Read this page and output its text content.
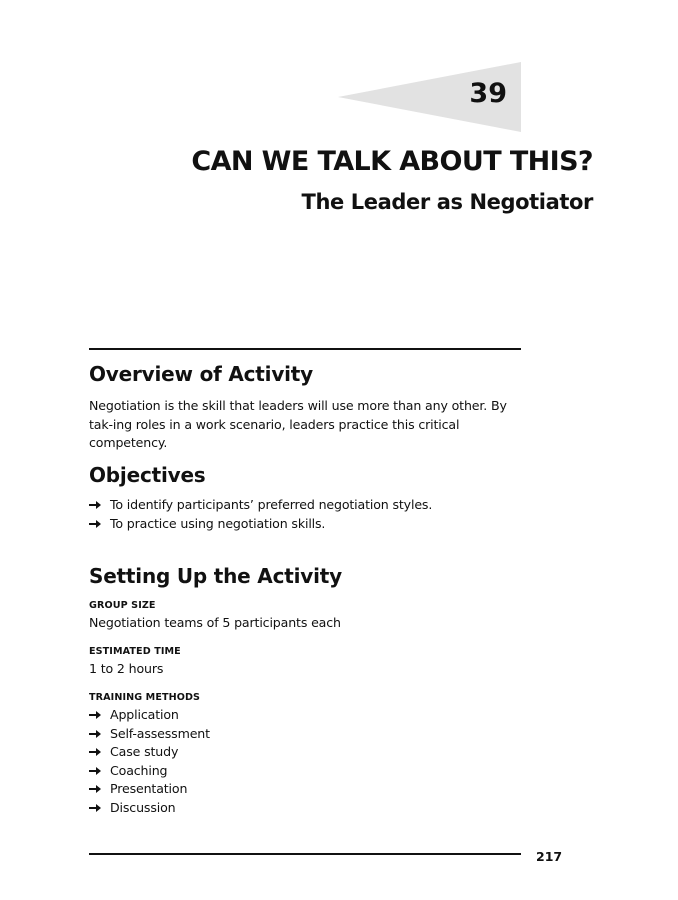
39
CAN WE TALK ABOUT THIS?
The Leader as Negotiator
Overview of Activity
Negotiation is the skill that leaders will use more than any other. By tak-ing roles in a work scenario, leaders practice this critical competency.
Objectives
To identify participants’ preferred negotiation styles.
To practice using negotiation skills.
Setting Up the Activity
GROUP SIZE
Negotiation teams of 5 participants each
ESTIMATED TIME
1 to 2 hours
TRAINING METHODS
Application
Self-assessment
Case study
Coaching
Presentation
Discussion
217
